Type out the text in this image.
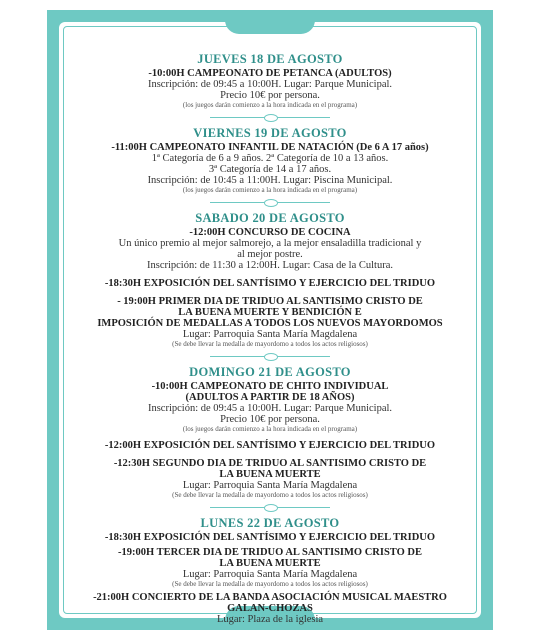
JUEVES 18 DE AGOSTO
-10:00H CAMPEONATO DE PETANCA (ADULTOS)
Inscripción: de 09:45 a 10:00H. Lugar: Parque Municipal.
Precio 10€ por persona.
(los juegos darán comienzo a la hora indicada en el programa)
VIERNES 19 DE AGOSTO
-11:00H CAMPEONATO INFANTIL DE NATACIÓN (De 6 A 17 años)
1ª Categoría de 6 a 9 años. 2ª Categoría de 10 a 13 años.
3ª Categoría de 14 a 17 años.
Inscripción: de 10:45 a 11:00H. Lugar: Piscina Municipal.
(los juegos darán comienzo a la hora indicada en el programa)
SABADO 20 DE AGOSTO
-12:00H CONCURSO DE COCINA
Un único premio al mejor salmorejo, a la mejor ensaladilla tradicional y
al mejor postre.
Inscripción: de 11:30 a 12:00H. Lugar: Casa de la Cultura.
-18:30H EXPOSICIÓN DEL SANTÍSIMO Y EJERCICIO DEL TRIDUO
- 19:00H PRIMER DIA DE TRIDUO AL SANTISIMO CRISTO DE
LA BUENA MUERTE Y BENDICIÓN E
IMPOSICIÓN DE MEDALLAS A TODOS LOS NUEVOS MAYORDOMOS
Lugar: Parroquia Santa María Magdalena
(Se debe llevar la medalla de mayordomo a todos los actos religiosos)
DOMINGO 21 DE AGOSTO
-10:00H CAMPEONATO DE CHITO INDIVIDUAL
(ADULTOS A PARTIR DE 18 AÑOS)
Inscripción: de 09:45 a 10:00H. Lugar: Parque Municipal.
Precio 10€ por persona.
(los juegos darán comienzo a la hora indicada en el programa)
-12:00H EXPOSICIÓN DEL SANTÍSIMO Y EJERCICIO DEL TRIDUO
-12:30H SEGUNDO DIA DE TRIDUO AL SANTISIMO CRISTO DE
LA BUENA MUERTE
Lugar: Parroquia Santa María Magdalena
(Se debe llevar la medalla de mayordomo a todos los actos religiosos)
LUNES 22 DE AGOSTO
-18:30H EXPOSICIÓN DEL SANTÍSIMO Y EJERCICIO DEL TRIDUO
-19:00H TERCER DIA DE TRIDUO AL SANTISIMO CRISTO DE
LA BUENA MUERTE
Lugar: Parroquia Santa María Magdalena
(Se debe llevar la medalla de mayordomo a todos los actos religiosos)
-21:00H CONCIERTO DE LA BANDA ASOCIACIÓN MUSICAL MAESTRO
GALAN-CHOZAS
Lugar: Plaza de la iglesia
